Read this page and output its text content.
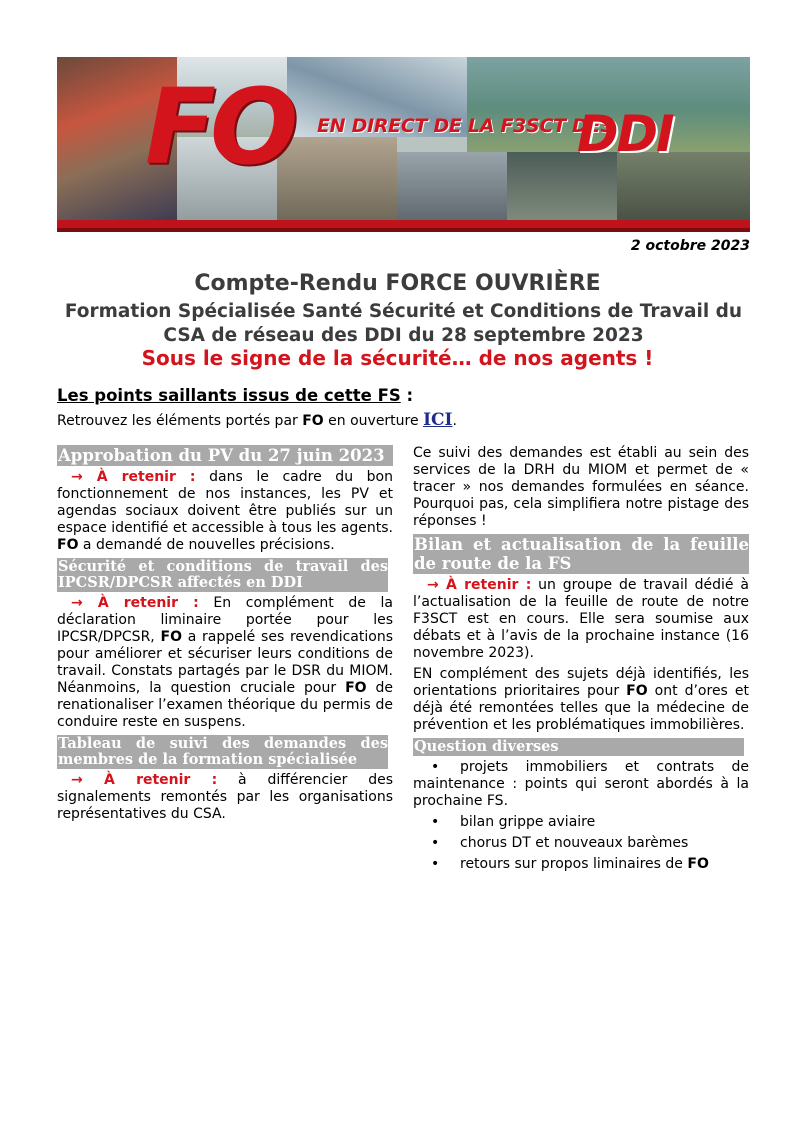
FO EN DIRECT DE LA F3SCT DES
DDI
2 octobre 2023
Compte-Rendu FORCE OUVRIÈRE
Formation Spécialisée Santé Sécurité et Conditions de Travail du CSA de réseau des DDI du 28 septembre 2023
Sous le signe de la sécurité… de nos agents !
Les points saillants issus de cette FS :
Retrouvez les éléments portés par FO en ouverture ICI.
Approbation du PV du 27 juin 2023

→ À retenir : dans le cadre du bon fonctionnement de nos instances, les PV et agendas sociaux doivent être publiés sur un espace identifié et accessible à tous les agents. FO a demandé de nouvelles précisions.

Sécurité et conditions de travail des IPCSR/DPCSR affectés en DDI

→ À retenir : En complément de la déclaration liminaire portée pour les IPCSR/DPCSR, FO a rappelé ses revendications pour améliorer et sécuriser leurs conditions de travail. Constats partagés par le DSR du MIOM. Néanmoins, la question cruciale pour FO de renationaliser l’examen théorique du permis de conduire reste en suspens.

Tableau de suivi des demandes des membres de la formation spécialisée

→ À retenir : à différencier des signalements remontés par les organisations représentatives du CSA.

Ce suivi des demandes est établi au sein des services de la DRH du MIOM et permet de « tracer » nos demandes formulées en séance. Pourquoi pas, cela simplifiera notre pistage des réponses !

Bilan et actualisation de la feuille de route de la FS

→ À retenir : un groupe de travail dédié à l’actualisation de la feuille de route de notre F3SCT est en cours. Elle sera soumise aux débats et à l’avis de la prochaine instance (16 novembre 2023).

EN complément des sujets déjà identifiés, les orientations prioritaires pour FO ont d’ores et déjà été remontées telles que la médecine de prévention et les problématiques immobilières.

Question diverses
•	projets immobiliers et contrats de maintenance : points qui seront abordés à la prochaine FS.
•	bilan grippe aviaire
•	chorus DT et nouveaux barèmes
•	retours sur propos liminaires de FO
